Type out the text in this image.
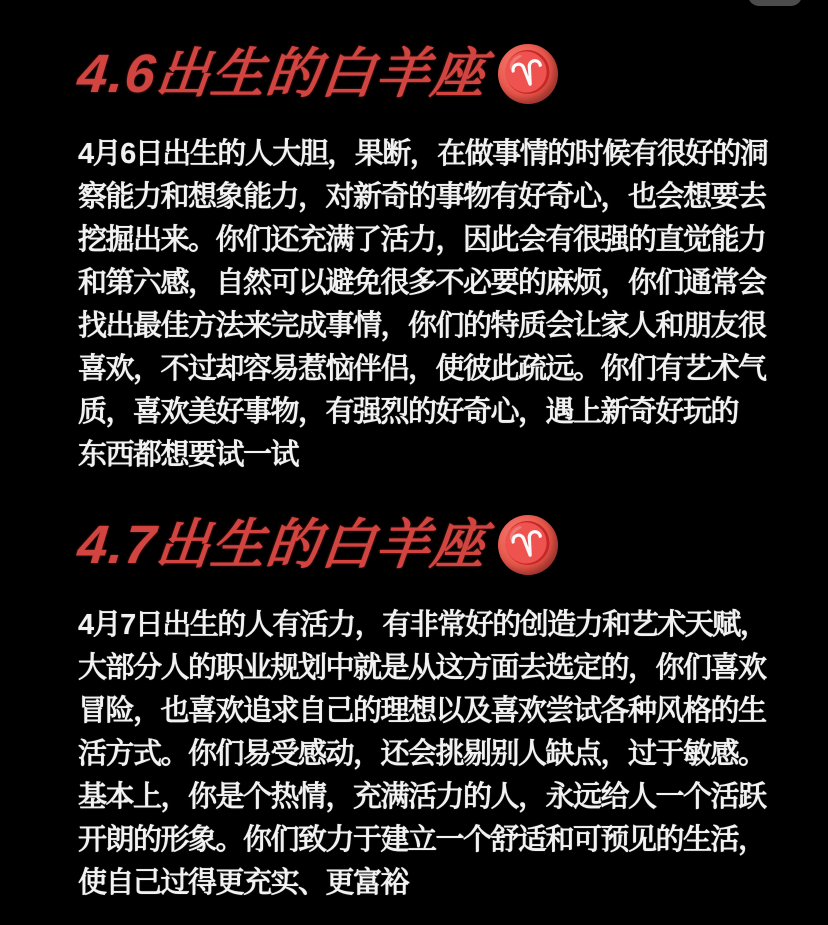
4.6出生的白羊座 ♈
4月6日出生的人大胆，果断，在做事情的时候有很好的洞
察能力和想象能力，对新奇的事物有好奇心，也会想要去
挖掘出来。你们还充满了活力，因此会有很强的直觉能力
和第六感，自然可以避免很多不必要的麻烦，你们通常会
找出最佳方法来完成事情，你们的特质会让家人和朋友很
喜欢，不过却容易惹恼伴侣，使彼此疏远。你们有艺术气
质，喜欢美好事物，有强烈的好奇心，遇上新奇好玩的
东西都想要试一试
4.7出生的白羊座 ♈
4月7日出生的人有活力，有非常好的创造力和艺术天赋，
大部分人的职业规划中就是从这方面去选定的，你们喜欢
冒险，也喜欢追求自己的理想以及喜欢尝试各种风格的生
活方式。你们易受感动，还会挑剔别人缺点，过于敏感。
基本上，你是个热情，充满活力的人，永远给人一个活跃
开朗的形象。你们致力于建立一个舒适和可预见的生活，
使自己过得更充实、更富裕
